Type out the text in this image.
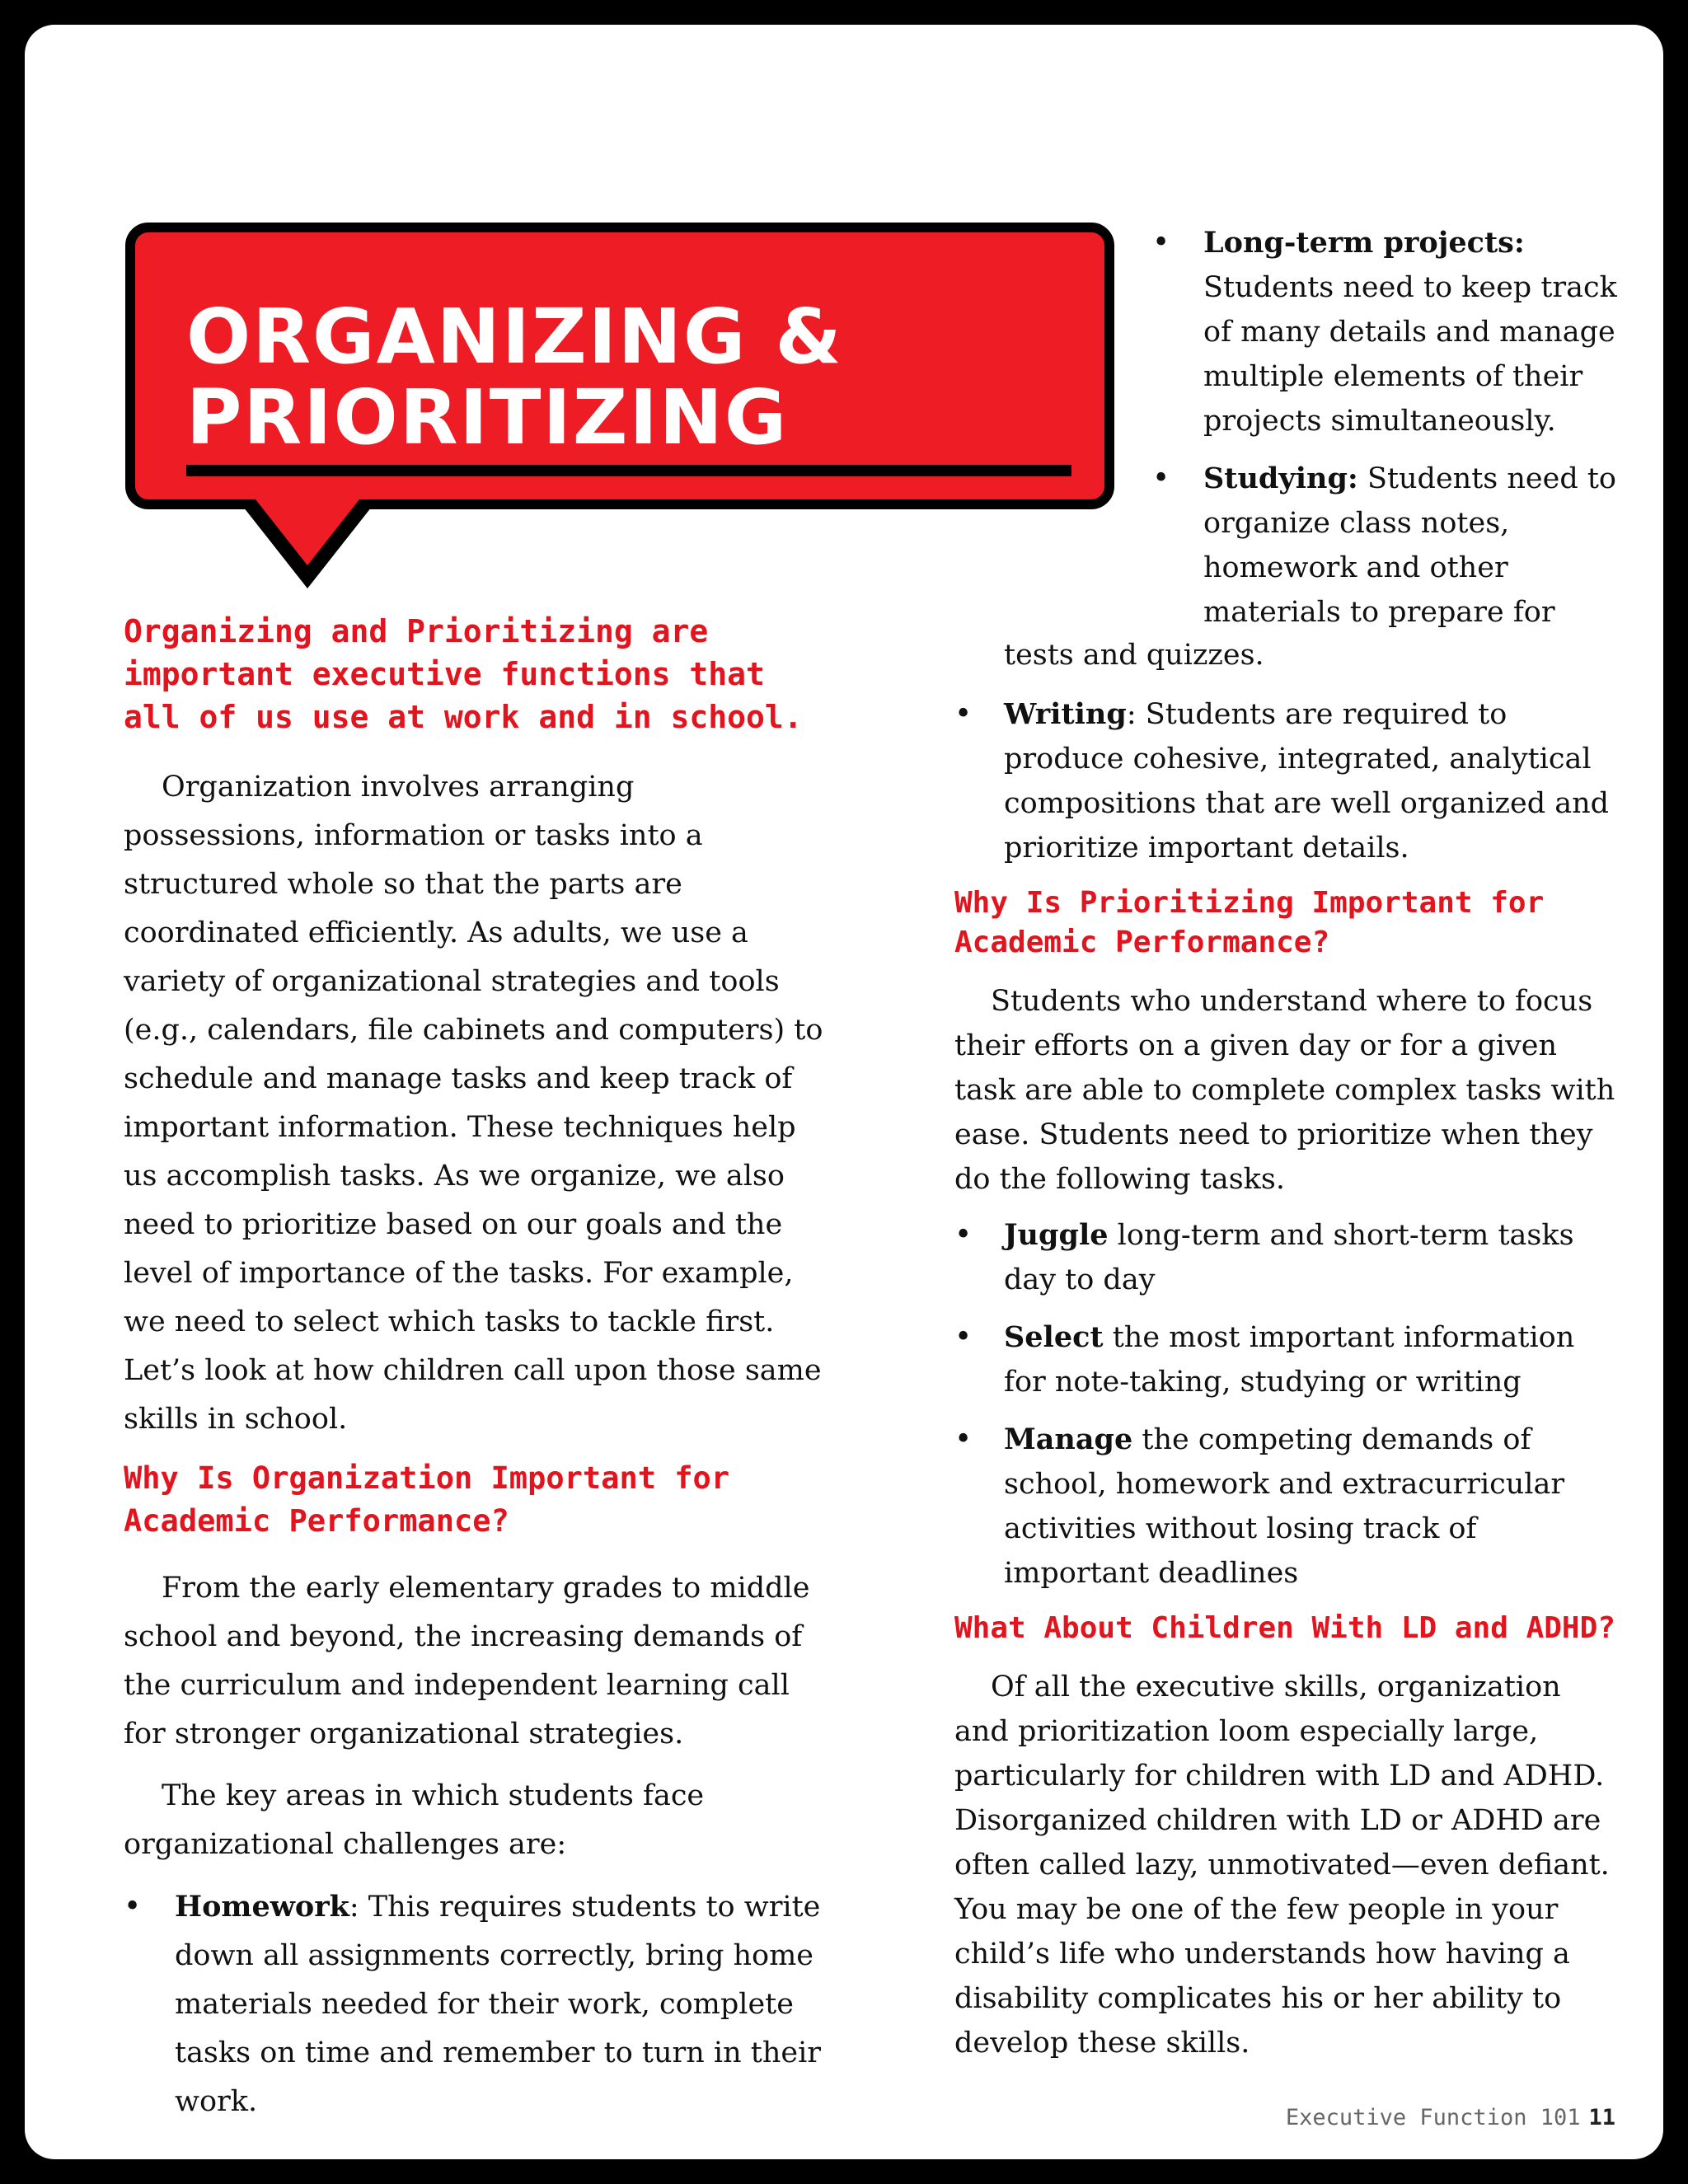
ORGANIZING &
PRIORITIZING
Organizing and Prioritizing are important executive functions that all of us use at work and in school.

Organization involves arranging possessions, information or tasks into a structured whole so that the parts are coordinated efficiently. As adults, we use a variety of organizational strategies and tools (e.g., calendars, file cabinets and computers) to schedule and manage tasks and keep track of important information. These techniques help us accomplish tasks. As we organize, we also need to prioritize based on our goals and the level of importance of the tasks. For example, we need to select which tasks to tackle first. Let’s look at how children call upon those same skills in school.

Why Is Organization Important for Academic Performance?

From the early elementary grades to middle school and beyond, the increasing demands of the curriculum and independent learning call for stronger organizational strategies.

The key areas in which students face organizational challenges are:

• Homework: This requires students to write down all assignments correctly, bring home materials needed for their work, complete tasks on time and remember to turn in their work.
• Long-term projects: Students need to keep track of many details and manage multiple elements of their projects simultaneously.
• Studying: Students need to organize class notes, homework and other materials to prepare for
tests and quizzes.
• Writing: Students are required to produce cohesive, integrated, analytical compositions that are well organized and prioritize important details.
Why Is Prioritizing Important for Academic Performance?

Students who understand where to focus their efforts on a given day or for a given task are able to complete complex tasks with ease. Students need to prioritize when they do the following tasks.

• Juggle long-term and short-term tasks day to day
• Select the most important information for note-taking, studying or writing
• Manage the competing demands of school, homework and extracurricular activities without losing track of important deadlines
What About Children With LD and ADHD?

Of all the executive skills, organization and prioritization loom especially large, particularly for children with LD and ADHD. Disorganized children with LD or ADHD are often called lazy, unmotivated—even defiant. You may be one of the few people in your child’s life who understands how having a disability complicates his or her ability to develop these skills.

Executive Function 101 11
